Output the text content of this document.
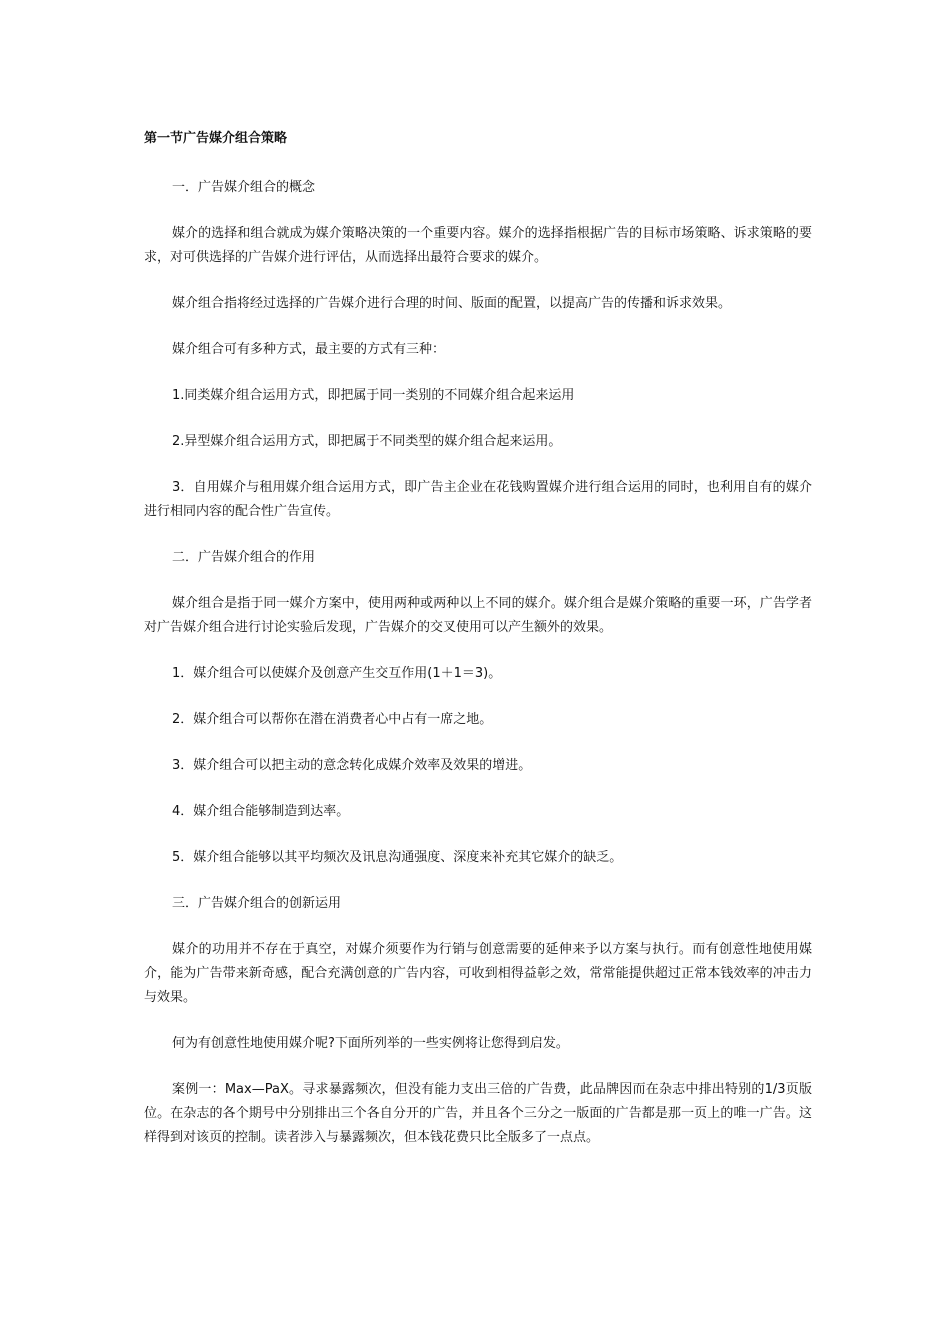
第一节广告媒介组合策略

一．广告媒介组合的概念

媒介的选择和组合就成为媒介策略决策的一个重要内容。媒介的选择指根据广告的目标市场策略、诉求策略的要求，对可供选择的广告媒介进行评估，从而选择出最符合要求的媒介。

媒介组合指将经过选择的广告媒介进行合理的时间、版面的配置，以提高广告的传播和诉求效果。

媒介组合可有多种方式，最主要的方式有三种：

1.同类媒介组合运用方式，即把属于同一类别的不同媒介组合起来运用

2.异型媒介组合运用方式，即把属于不同类型的媒介组合起来运用。

3．自用媒介与租用媒介组合运用方式，即广告主企业在花钱购置媒介进行组合运用的同时，也利用自有的媒介进行相同内容的配合性广告宣传。

二．广告媒介组合的作用

媒介组合是指于同一媒介方案中，使用两种或两种以上不同的媒介。媒介组合是媒介策略的重要一环，广告学者对广告媒介组合进行讨论实验后发现，广告媒介的交叉使用可以产生额外的效果。

1．媒介组合可以使媒介及创意产生交互作用(1＋1＝3)。

2．媒介组合可以帮你在潜在消费者心中占有一席之地。

3．媒介组合可以把主动的意念转化成媒介效率及效果的增进。

4．媒介组合能够制造到达率。

5．媒介组合能够以其平均频次及讯息沟通强度、深度来补充其它媒介的缺乏。

三．广告媒介组合的创新运用

媒介的功用并不存在于真空，对媒介须要作为行销与创意需要的延伸来予以方案与执行。而有创意性地使用媒介，能为广告带来新奇感，配合充满创意的广告内容，可收到相得益彰之效，常常能提供超过正常本钱效率的冲击力与效果。

何为有创意性地使用媒介呢?下面所列举的一些实例将让您得到启发。

案例一：Max—PaX。寻求暴露频次，但没有能力支出三倍的广告费，此品牌因而在杂志中排出特别的1/3页版位。在杂志的各个期号中分别排出三个各自分开的广告，并且各个三分之一版面的广告都是那一页上的唯一广告。这样得到对该页的控制。读者涉入与暴露频次，但本钱花费只比全版多了一点点。
